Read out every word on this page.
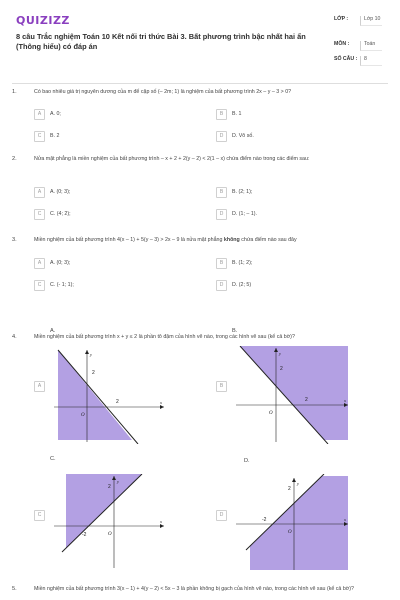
QUIZIZZ
8 câu Trắc nghiệm Toán 10 Kết nối tri thức Bài 3. Bất phương trình bậc nhất hai ẩn (Thông hiểu) có đáp án
LỚP :	Lớp 10
MÔN :	Toán
SỐ CÂU :	8
1.	Có bao nhiêu giá trị nguyên dương của m để cặp số (– 2m; 1) là nghiệm của bất phương trình 2x – y – 3 > 0?
A	A. 0;	B	B. 1
C	B. 2	D	D. Vô số.
2.	Nửa mặt phẳng là miền nghiệm của bất phương trình – x + 2 + 2(y – 2) < 2(1 – x) chứa điểm nào trong các điểm sau:
A	A. (0; 3);	B	B. (2; 1);
C	C. (4; 2);	D	D. (1; – 1).
3.	Miền nghiệm của bất phương trình 4(x – 1) + 5(y – 3) > 2x – 9 là nửa mặt phẳng không chứa điểm nào sau đây
A	A. (0; 3);	B	B. (1; 2);
C	C. (- 1; 1);	D	D. (2; 5)
4.	Miền nghiệm của bất phương trình x + y ≤ 2 là phần tô đậm của hình vẽ nào, trong các hình vẽ sau (kể cả bờ)?
A.
A
2
2
O
x
y
B.
B
2
2
O
x
y
C.
C
2
-2	O
x
y
D.
D
2
-2
O
x
y
5.	Miền nghiệm của bất phương trình 3(x – 1) + 4(y – 2) < 5x – 3 là phần không bị gạch của hình vẽ nào, trong các hình vẽ sau (kể cả bờ)?
